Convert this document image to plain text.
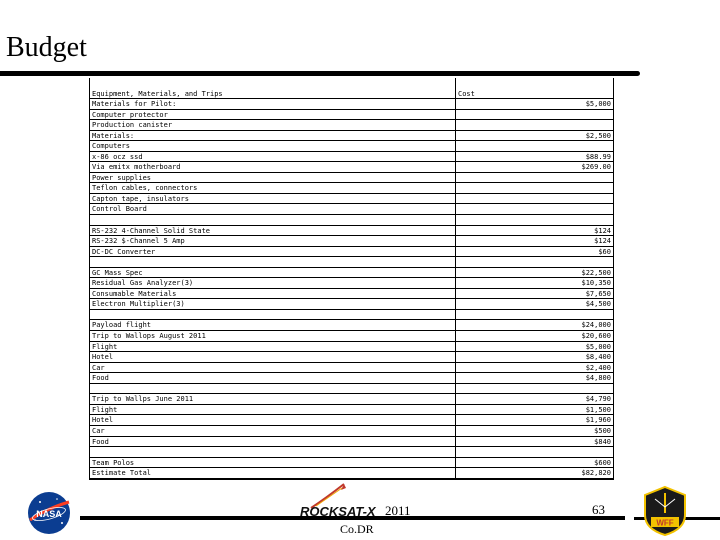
Budget
Equipment, Materials, and Trips	Cost
Materials for Pilot:	$5,000
Computer protector
Production canister
Materials:	$2,500
Computers
x-86 ocz ssd	$88.99
Via emitx motherboard	$269.00
Power supplies
Teflon cables, connectors
Capton tape, insulators
Control Board
RS-232 4-Channel Solid State	$124
RS-232 $-Channel 5 Amp	$124
DC-DC Converter	$60
GC Mass Spec	$22,500
Residual Gas Analyzer(3)	$10,350
Consumable Materials	$7,650
Electron Multiplier(3)	$4,500
Payload flight	$24,000
Trip to Wallops August 2011	$20,600
Flight	$5,000
Hotel	$8,400
Car	$2,400
Food	$4,800
Trip to Wallps June 2011	$4,790
Flight	$1,500
Hotel	$1,960
Car	$500
Food	$840
Team Polos	$600
Estimate Total	$82,820
NASA	ROCKSAT-X 2011
Co.DR
63
WFF
